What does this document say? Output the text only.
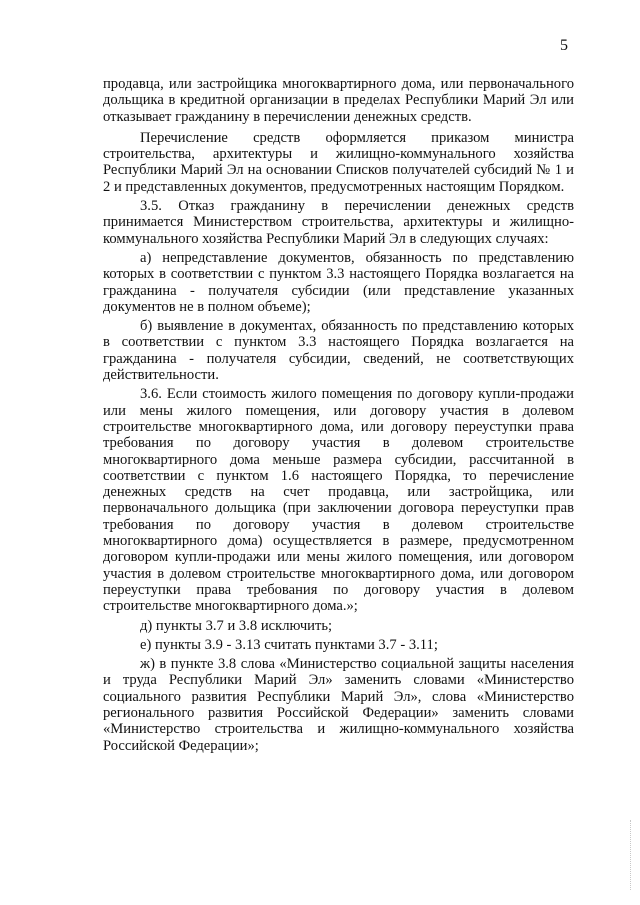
5

продавца, или застройщика многоквартирного дома, или первоначального дольщика в кредитной организации в пределах Республики Марий Эл или отказывает гражданину в перечислении денежных средств.

Перечисление средств оформляется приказом министра строительства, архитектуры и жилищно-коммунального хозяйства Республики Марий Эл на основании Списков получателей субсидий № 1 и 2 и представленных документов, предусмотренных настоящим Порядком.

3.5. Отказ гражданину в перечислении денежных средств принимается Министерством строительства, архитектуры и жилищно-коммунального хозяйства Республики Марий Эл в следующих случаях:

а) непредставление документов, обязанность по представлению которых в соответствии с пунктом 3.3 настоящего Порядка возлагается на гражданина - получателя субсидии (или представление указанных документов не в полном объеме);

б) выявление в документах, обязанность по представлению которых в соответствии с пунктом 3.3 настоящего Порядка возлагается на гражданина - получателя субсидии, сведений, не соответствующих действительности.

3.6. Если стоимость жилого помещения по договору купли-продажи или мены жилого помещения, или договору участия в долевом строительстве многоквартирного дома, или договору переуступки права требования по договору участия в долевом строительстве многоквартирного дома меньше размера субсидии, рассчитанной в соответствии с пунктом 1.6 настоящего Порядка, то перечисление денежных средств на счет продавца, или застройщика, или первоначального дольщика (при заключении договора переуступки прав требования по договору участия в долевом строительстве многоквартирного дома) осуществляется в размере, предусмотренном договором купли-продажи или мены жилого помещения, или договором участия в долевом строительстве многоквартирного дома, или договором переуступки права требования по договору участия в долевом строительстве многоквартирного дома.»;

д) пункты 3.7 и 3.8 исключить;

е) пункты 3.9 - 3.13 считать пунктами 3.7 - 3.11;

ж) в пункте 3.8 слова «Министерство социальной защиты населения и труда Республики Марий Эл» заменить словами «Министерство социального развития Республики Марий Эл», слова «Министерство регионального развития Российской Федерации» заменить словами «Министерство строительства и жилищно-коммунального хозяйства Российской Федерации»;
